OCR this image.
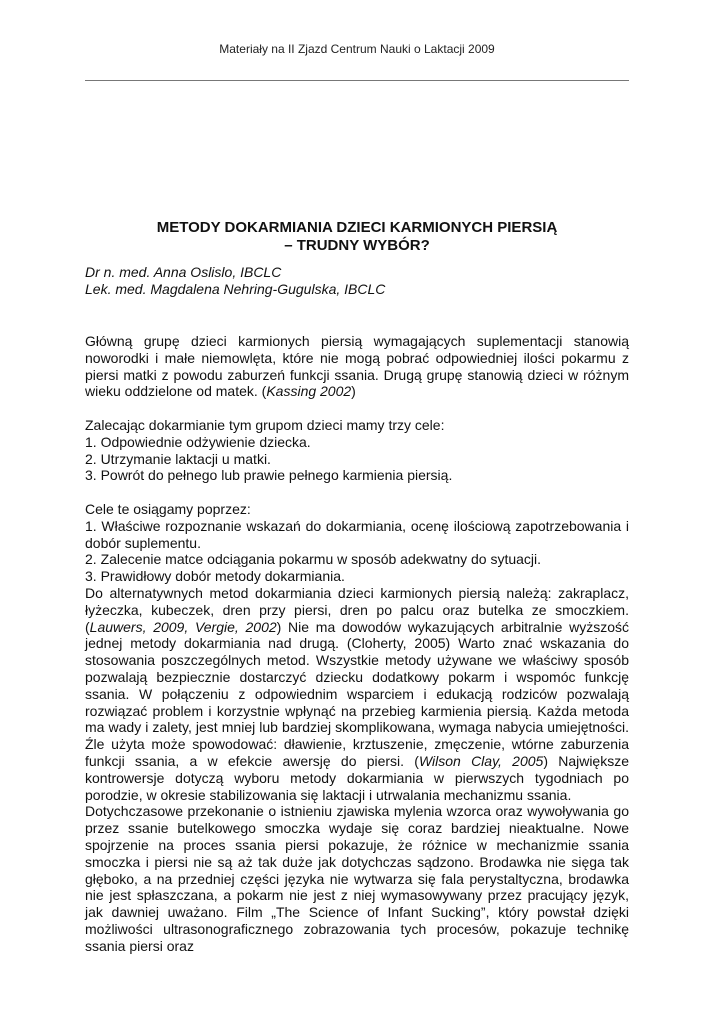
Materiały na II Zjazd Centrum Nauki o Laktacji 2009
METODY DOKARMIANIA DZIECI KARMIONYCH PIERSIĄ
– TRUDNY WYBÓR?
Dr n. med. Anna Oslislo, IBCLC
Lek. med. Magdalena Nehring-Gugulska, IBCLC

Główną grupę dzieci karmionych piersią wymagających suplementacji stanowią noworodki i małe niemowlęta, które nie mogą pobrać odpowiedniej ilości pokarmu z piersi matki z powodu zaburzeń funkcji ssania. Drugą grupę stanowią dzieci w różnym wieku oddzielone od matek. (Kassing 2002)

Zalecając dokarmianie tym grupom dzieci mamy trzy cele:
1. Odpowiednie odżywienie dziecka.
2. Utrzymanie laktacji u matki.
3. Powrót do pełnego lub prawie pełnego karmienia piersią.
Cele te osiągamy poprzez:
1. Właściwe rozpoznanie wskazań do dokarmiania, ocenę ilościową zapotrzebowania i dobór suplementu.
2. Zalecenie matce odciągania pokarmu w sposób adekwatny do sytuacji.
3. Prawidłowy dobór metody dokarmiania.

Do alternatywnych metod dokarmiania dzieci karmionych piersią należą: zakraplacz, łyżeczka, kubeczek, dren przy piersi, dren po palcu oraz butelka ze smoczkiem. (Lauwers, 2009, Vergie, 2002) Nie ma dowodów wykazujących arbitralnie wyższość jednej metody dokarmiania nad drugą. (Cloherty, 2005) Warto znać wskazania do stosowania poszczególnych metod. Wszystkie metody używane we właściwy sposób pozwalają bezpiecznie dostarczyć dziecku dodatkowy pokarm i wspomóc funkcję ssania. W połączeniu z odpowiednim wsparciem i edukacją rodziców pozwalają rozwiązać problem i korzystnie wpłynąć na przebieg karmienia piersią. Każda metoda ma wady i zalety, jest mniej lub bardziej skomplikowana, wymaga nabycia umiejętności. Źle użyta może spowodować: dławienie, krztuszenie, zmęczenie, wtórne zaburzenia funkcji ssania, a w efekcie awersję do piersi. (Wilson Clay, 2005) Największe kontrowersje dotyczą wyboru metody dokarmiania w pierwszych tygodniach po porodzie, w okresie stabilizowania się laktacji i utrwalania mechanizmu ssania.

Dotychczasowe przekonanie o istnieniu zjawiska mylenia wzorca oraz wywoływania go przez ssanie butelkowego smoczka wydaje się coraz bardziej nieaktualne. Nowe spojrzenie na proces ssania piersi pokazuje, że różnice w mechanizmie ssania smoczka i piersi nie są aż tak duże jak dotychczas sądzono. Brodawka nie sięga tak głęboko, a na przedniej części języka nie wytwarza się fala perystaltyczna, brodawka nie jest spłaszczana, a pokarm nie jest z niej wymasowywany przez pracujący język, jak dawniej uważano. Film „The Science of Infant Sucking”, który powstał dzięki możliwości ultrasonograficznego zobrazowania tych procesów, pokazuje technikę ssania piersi oraz
